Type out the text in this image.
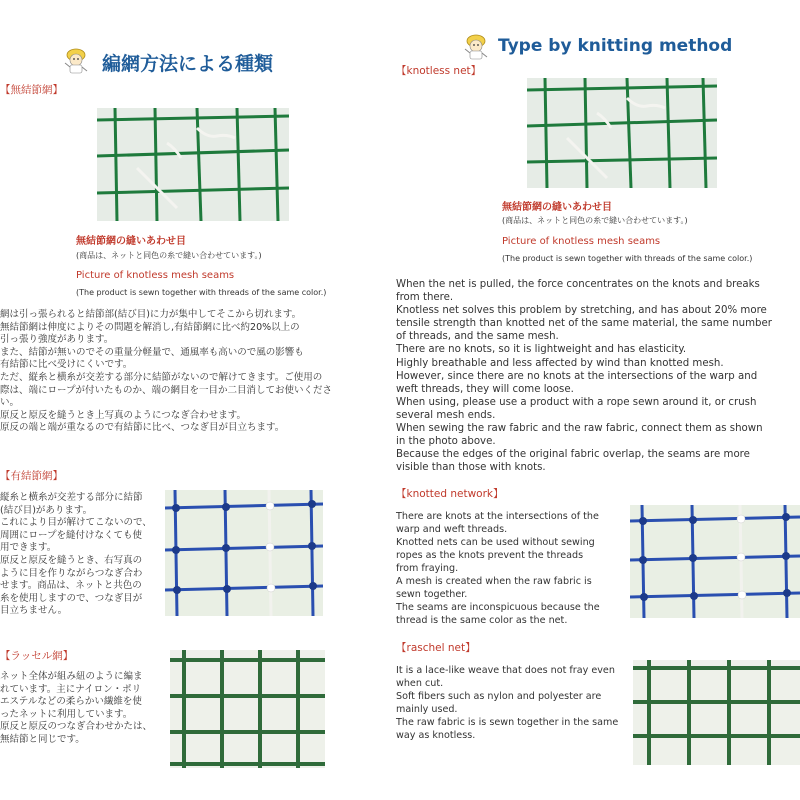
編網方法による種類
【無結節網】
無結節網の縫いあわせ目
(商品は、ネットと同色の糸で縫い合わせています。)
Picture of knotless mesh seams
(The product is sewn together with threads of the same color.)
網は引っ張られると結節部(結び目)に力が集中してそこから切れます。
無結節網は伸度によりその問題を解消し,有結節網に比べ約20%以上の
引っ張り強度があります。
また、結節が無いのでその重量分軽量で、通風率も高いので風の影響も
有結節に比べ受けにくいです。
ただ、縦糸と横糸が交差する部分に結節がないので解けてきます。ご使用の
際は、端にロープが付いたものか、端の網目を一目か二目消してお使いくださ
い。
原反と原反を縫うとき上写真のようにつなぎ合わせます。
原反の端と端が重なるので有結節に比べ、つなぎ目が目立ちます。
【有結節網】
縦糸と横糸が交差する部分に結節
(結び目)があります。
これにより目が解けてこないので、
周囲にロープを縫付けなくても使
用できます。
原反と原反を縫うとき、右写真の
ように目を作りながらつなぎ合わ
せます。商品は、ネットと共色の
糸を使用しますので、つなぎ目が
目立ちません。
【ラッセル網】
ネット全体が組み紐のように編ま
れています。主にナイロン・ポリ
エステルなどの柔らかい繊維を使
ったネットに利用しています。
原反と原反のつなぎ合わせかたは、
無結節と同じです。
Type by knitting method
【knotless net】
無結節網の縫いあわせ目
(商品は、ネットと同色の糸で縫い合わせています。)
Picture of knotless mesh seams
(The product is sewn together with threads of the same color.)
When the net is pulled, the force concentrates on the knots and breaks
from there.
Knotless net solves this problem by stretching, and has about 20% more
tensile strength than knotted net of the same material, the same number
of threads, and the same mesh.
There are no knots, so it is lightweight and has elasticity.
Highly breathable and less affected by wind than knotted mesh.
However, since there are no knots at the intersections of the warp and
weft threads, they will come loose.
When using, please use a product with a rope sewn around it, or crush
several mesh ends.
When sewing the raw fabric and the raw fabric, connect them as shown
in the photo above.
Because the edges of the original fabric overlap, the seams are more
visible than those with knots.
【knotted network】
There are knots at the intersections of the
warp and weft threads.
Knotted nets can be used without sewing
ropes as the knots prevent the threads
from fraying.
A mesh is created when the raw fabric is
sewn together.
The seams are inconspicuous because the
thread is the same color as the net.
【raschel net】
It is a lace-like weave that does not fray even
when cut.
Soft fibers such as nylon and polyester are
mainly used.
The raw fabric is is sewn together in the same
way as knotless.
